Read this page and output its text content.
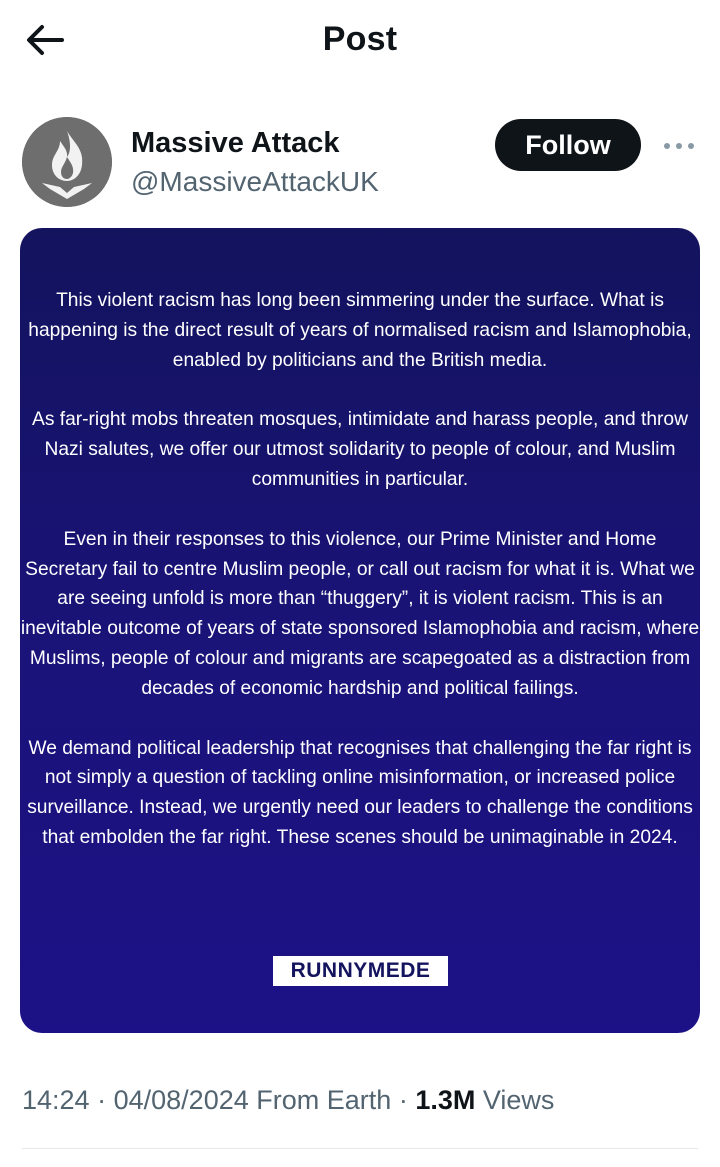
Post
Massive Attack
@MassiveAttackUK
Follow

This violent racism has long been simmering under the surface. What is happening is the direct result of years of normalised racism and Islamophobia, enabled by politicians and the British media.

As far-right mobs threaten mosques, intimidate and harass people, and throw Nazi salutes, we offer our utmost solidarity to people of colour, and Muslim communities in particular.

Even in their responses to this violence, our Prime Minister and Home Secretary fail to centre Muslim people, or call out racism for what it is. What we are seeing unfold is more than “thuggery”, it is violent racism. This is an inevitable outcome of years of state sponsored Islamophobia and racism, where Muslims, people of colour and migrants are scapegoated as a distraction from decades of economic hardship and political failings.

We demand political leadership that recognises that challenging the far right is not simply a question of tackling online misinformation, or increased police surveillance. Instead, we urgently need our leaders to challenge the conditions that embolden the far right. These scenes should be unimaginable in 2024.

RUNNYMEDE
14:24 · 04/08/2024 From Earth · 1.3M Views
